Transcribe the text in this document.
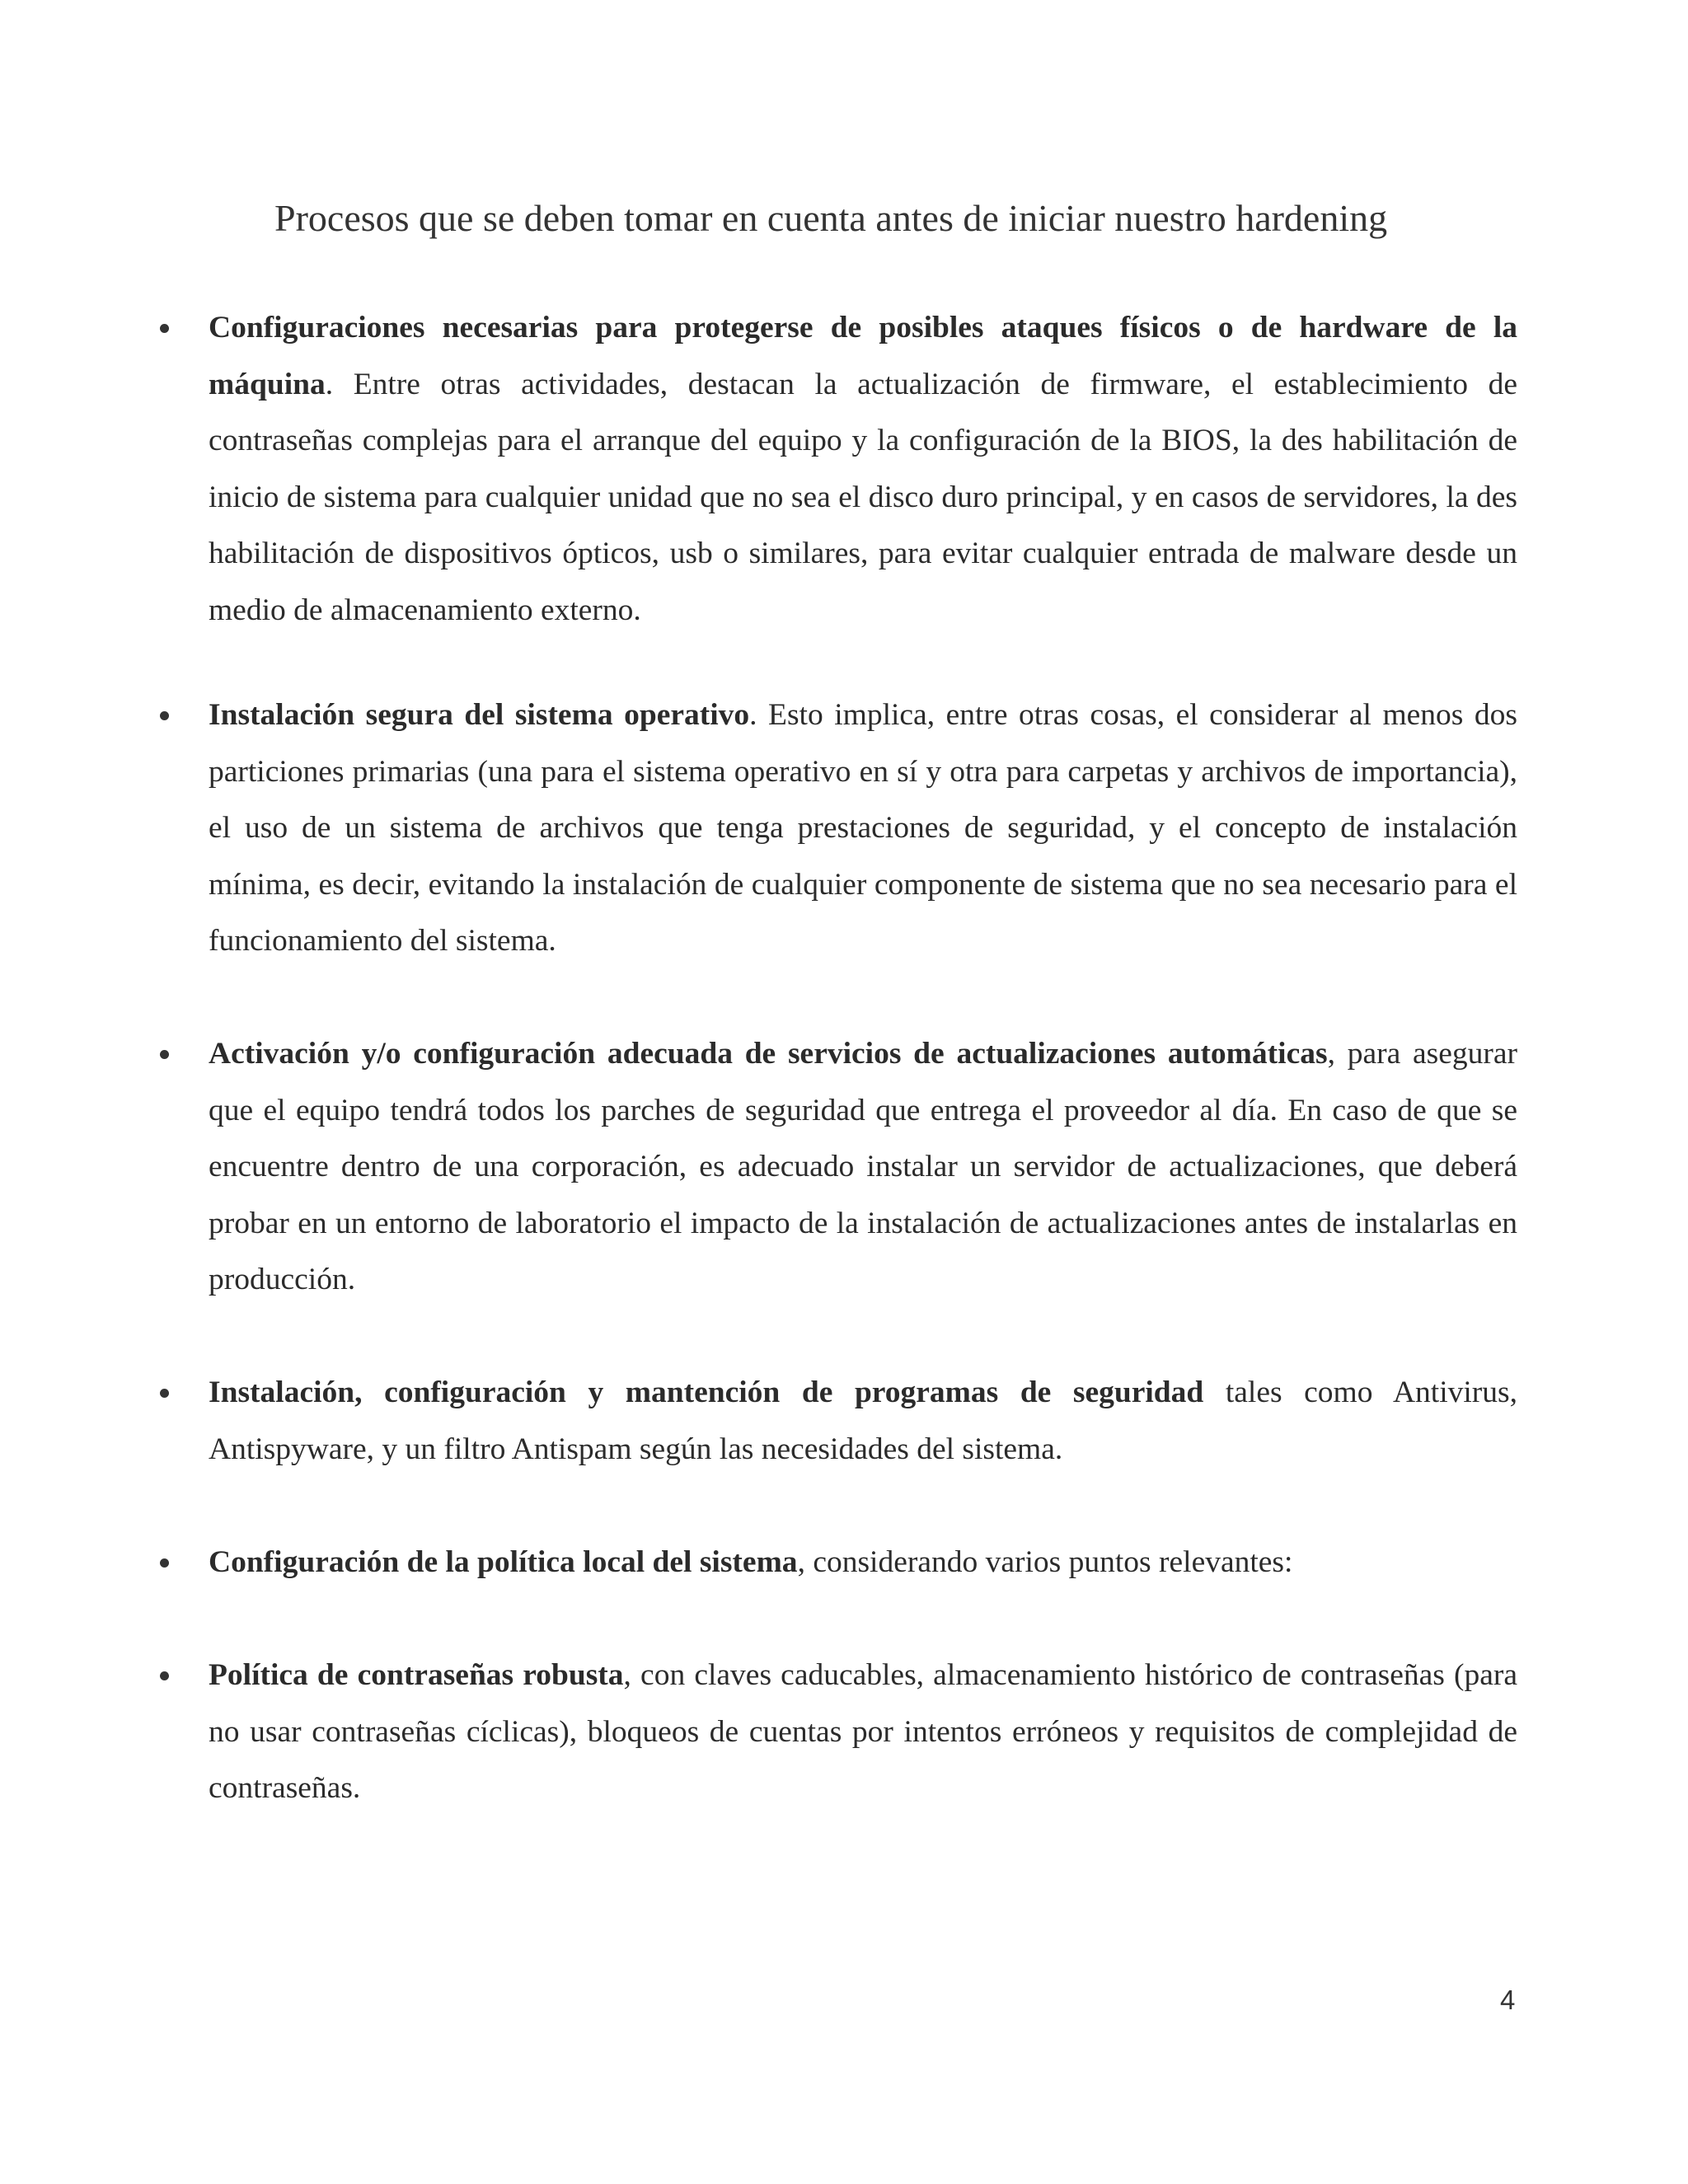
Procesos que se deben tomar en cuenta antes de iniciar nuestro hardening
Configuraciones necesarias para protegerse de posibles ataques físicos o de hardware de la máquina. Entre otras actividades, destacan la actualización de firmware, el establecimiento de contraseñas complejas para el arranque del equipo y la configuración de la BIOS, la des habilitación de inicio de sistema para cualquier unidad que no sea el disco duro principal, y en casos de servidores, la des habilitación de dispositivos ópticos, usb o similares, para evitar cualquier entrada de malware desde un medio de almacenamiento externo.
Instalación segura del sistema operativo. Esto implica, entre otras cosas, el considerar al menos dos particiones primarias (una para el sistema operativo en sí y otra para carpetas y archivos de importancia), el uso de un sistema de archivos que tenga prestaciones de seguridad, y el concepto de instalación mínima, es decir, evitando la instalación de cualquier componente de sistema que no sea necesario para el funcionamiento del sistema.
Activación y/o configuración adecuada de servicios de actualizaciones automáticas, para asegurar que el equipo tendrá todos los parches de seguridad que entrega el proveedor al día. En caso de que se encuentre dentro de una corporación, es adecuado instalar un servidor de actualizaciones, que deberá probar en un entorno de laboratorio el impacto de la instalación de actualizaciones antes de instalarlas en producción.
Instalación, configuración y mantención de programas de seguridad tales como Antivirus, Antispyware, y un filtro Antispam según las necesidades del sistema.
Configuración de la política local del sistema, considerando varios puntos relevantes:
Política de contraseñas robusta, con claves caducables, almacenamiento histórico de contraseñas (para no usar contraseñas cíclicas), bloqueos de cuentas por intentos erróneos y requisitos de complejidad de contraseñas.
4
